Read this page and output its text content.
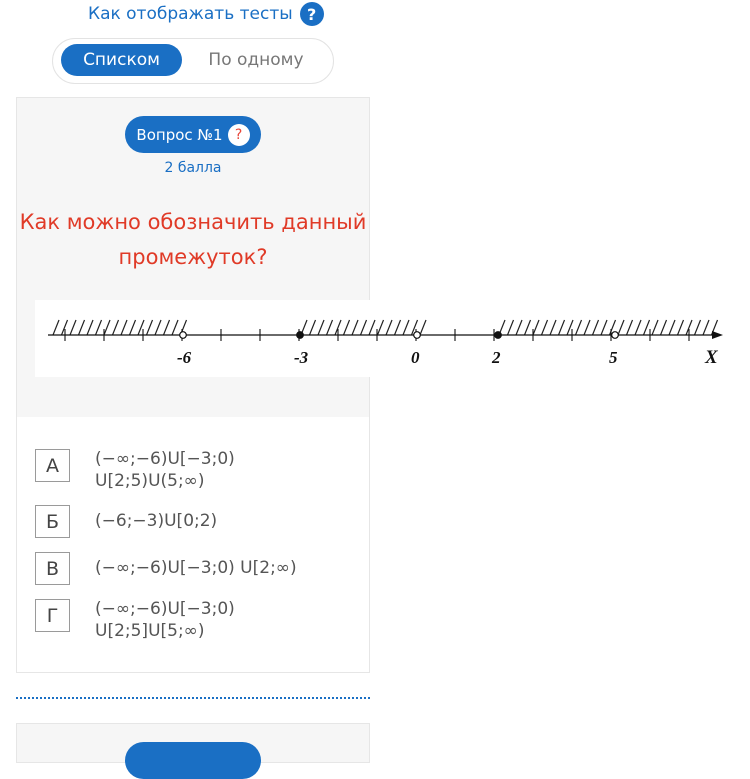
Как отображать тесты ?
Списком	По одному
Вопрос №1 ?
2 балла
Как можно обозначить данный
промежуток?
-6	-3	0	2	5	X
А	(−∞;−6)U[−3;0)
U[2;5)U(5;∞)
Б	(−6;−3)U[0;2)
В	(−∞;−6)U[−3;0) U[2;∞)
Г	(−∞;−6)U[−3;0)
U[2;5]U[5;∞)
